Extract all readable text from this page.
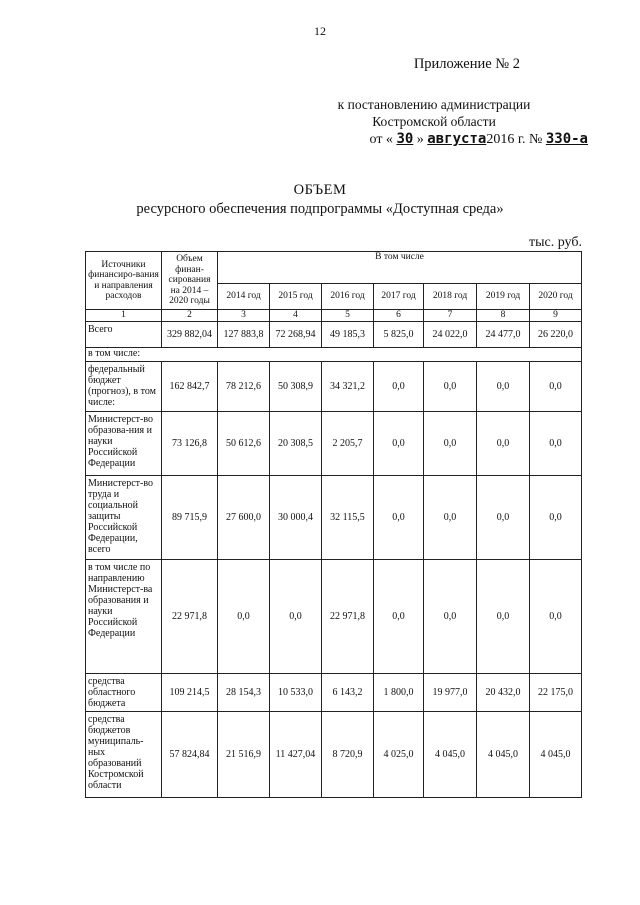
12
Приложение № 2
к постановлению администрации
Костромской области
от « 30 » августа2016 г. № 330-а
ОБЪЕМ
ресурсного обеспечения подпрограммы «Доступная среда»
тыс. руб.
Источники финансиро-вания и направления расходов	Объем финан-сирования на 2014 – 2020 годы	В том числе						
		2014 год	2015 год	2016 год	2017 год	2018 год	2019 год	2020 год
1	2	3	4	5	6	7	8	9
Всего	329 882,04	127 883,8	72 268,94	49 185,3	5 825,0	24 022,0	24 477,0	26 220,0
в том числе:								
федеральный бюджет (прогноз), в том числе:	162 842,7	78 212,6	50 308,9	34 321,2	0,0	0,0	0,0	0,0
Министерст-во образова-ния и науки Российской Федерации	73 126,8	50 612,6	20 308,5	2 205,7	0,0	0,0	0,0	0,0
Министерст-во труда и социальной защиты Российской Федерации, всего	89 715,9	27 600,0	30 000,4	32 115,5	0,0	0,0	0,0	0,0
в том числе по направлению Министерст-ва образования и науки Российской Федерации	22 971,8	0,0	0,0	22 971,8	0,0	0,0	0,0	0,0
средства областного бюджета	109 214,5	28 154,3	10 533,0	6 143,2	1 800,0	19 977,0	20 432,0	22 175,0
средства бюджетов муниципаль-ных образований Костромской области	57 824,84	21 516,9	11 427,04	8 720,9	4 025,0	4 045,0	4 045,0	4 045,0
